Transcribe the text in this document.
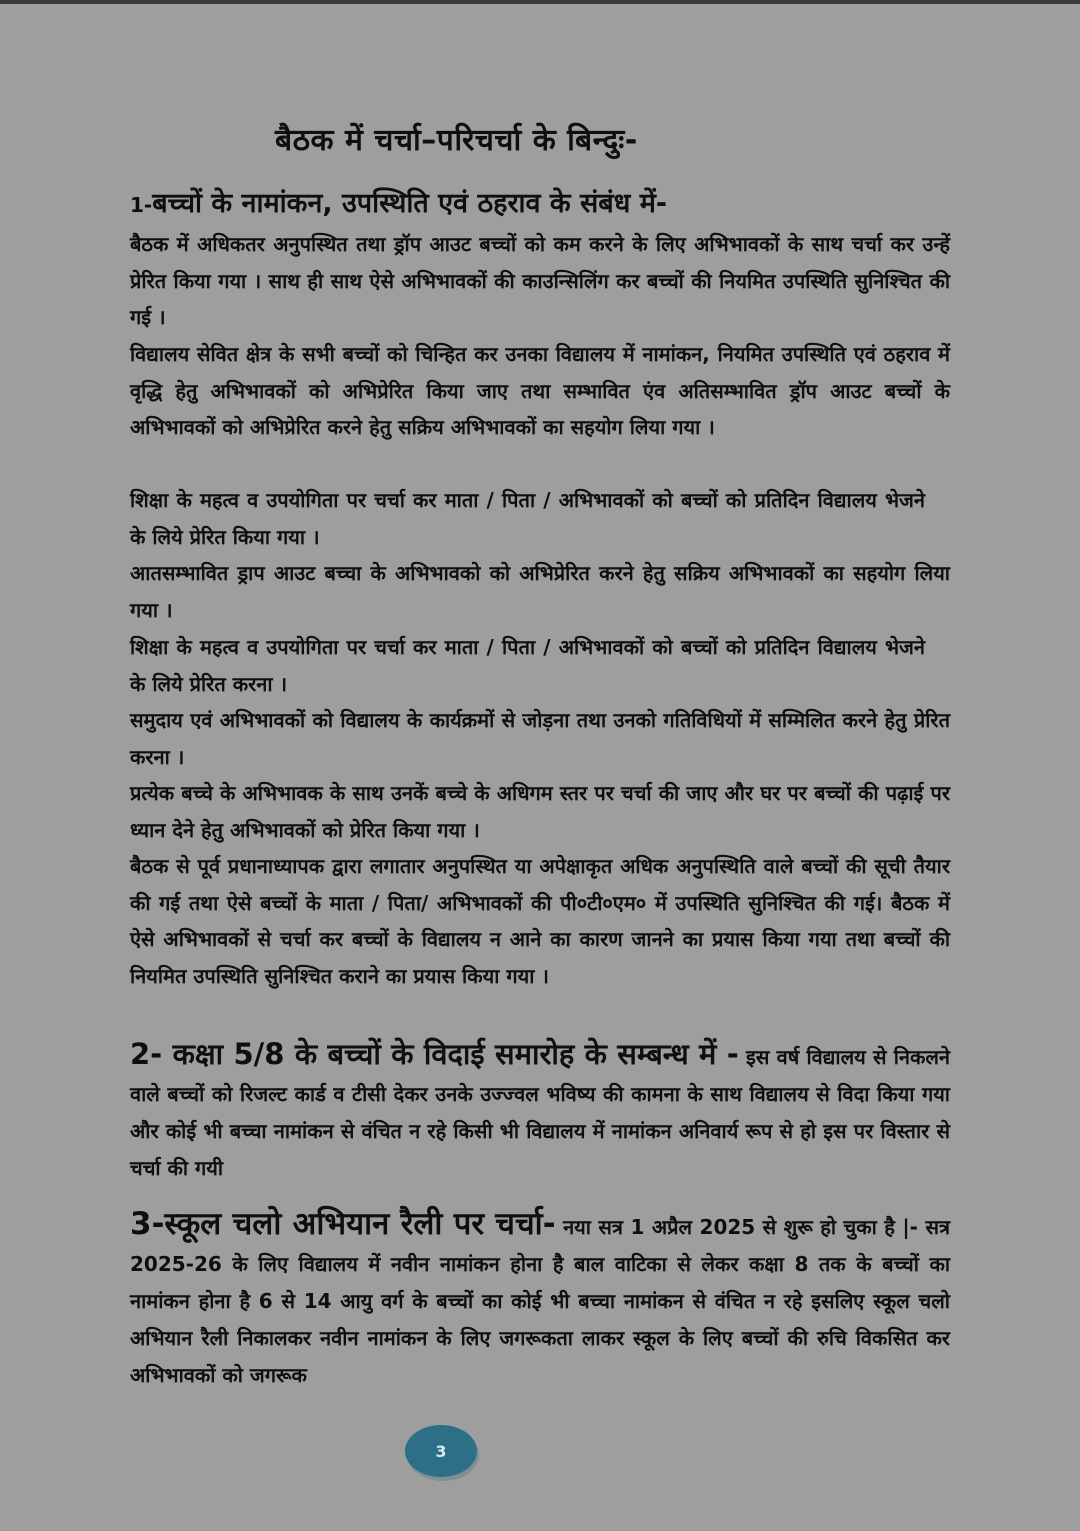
बैठक में चर्चा–परिचर्चा के बिन्दुः-
1-बच्चों के नामांकन, उपस्थिति एवं ठहराव के संबंध में-

बैठक में अधिकतर अनुपस्थित तथा ड्रॉप आउट बच्चों को कम करने के लिए अभिभावकों के साथ चर्चा कर उन्हें प्रेरित किया गया । साथ ही साथ ऐसे अभिभावकों की काउन्सिलिंग कर बच्चों की नियमित उपस्थिति सुनिश्चित की गई ।

विद्यालय सेवित क्षेत्र के सभी बच्चों को चिन्हित कर उनका विद्यालय में नामांकन, नियमित उपस्थिति एवं ठहराव में वृद्धि हेतु अभिभावकों को अभिप्रेरित किया जाए तथा सम्भावित एंव अतिसम्भावित ड्रॉप आउट बच्चों के अभिभावकों को अभिप्रेरित करने हेतु सक्रिय अभिभावकों का सहयोग लिया गया ।

शिक्षा के महत्व व उपयोगिता पर चर्चा कर माता / पिता / अभिभावकों को बच्चों को प्रतिदिन विद्यालय भेजने के लिये प्रेरित किया गया ।

आतसम्भावित ड्राप आउट बच्चा के अभिभावको को अभिप्रेरित करने हेतु सक्रिय अभिभावकों का सहयोग लिया गया ।

शिक्षा के महत्व व उपयोगिता पर चर्चा कर माता / पिता / अभिभावकों को बच्चों को प्रतिदिन विद्यालय भेजने के लिये प्रेरित करना ।

समुदाय एवं अभिभावकों को विद्यालय के कार्यक्रमों से जोड़ना तथा उनको गतिविधियों में सम्मिलित करने हेतु प्रेरित करना ।

प्रत्येक बच्चे के अभिभावक के साथ उनकें बच्चे के अधिगम स्तर पर चर्चा की जाए और घर पर बच्चों की पढ़ाई पर ध्यान देने हेतु अभिभावकों को प्रेरित किया गया ।

बैठक से पूर्व प्रधानाध्यापक द्वारा लगातार अनुपस्थित या अपेक्षाकृत अधिक अनुपस्थिति वाले बच्चों की सूची तैयार की गई तथा ऐसे बच्चों के माता / पिता/ अभिभावकों की पी०टी०एम० में उपस्थिति सुनिश्चित की गई। बैठक में ऐसे अभिभावकों से चर्चा कर बच्चों के विद्यालय न आने का कारण जानने का प्रयास किया गया तथा बच्चों की नियमित उपस्थिति सुनिश्चित कराने का प्रयास किया गया ।

2- कक्षा 5/8 के बच्चों के विदाई समारोह के सम्बन्ध में - इस वर्ष विद्यालय से निकलने वाले बच्चों को रिजल्ट कार्ड व टीसी देकर उनके उज्ज्वल भविष्य की कामना के साथ विद्यालय से विदा किया गया और कोई भी बच्चा नामांकन से वंचित न रहे किसी भी विद्यालय में नामांकन अनिवार्य रूप से हो इस पर विस्तार से चर्चा की गयी

3-स्कूल चलो अभियान रैली पर चर्चा- नया सत्र 1 अप्रैल 2025 से शुरू हो चुका है |- सत्र 2025-26 के लिए विद्यालय में नवीन नामांकन होना है बाल वाटिका से लेकर कक्षा 8 तक के बच्चों का नामांकन होना है 6 से 14 आयु वर्ग के बच्चों का कोई भी बच्चा नामांकन से वंचित न रहे इसलिए स्कूल चलो अभियान रैली निकालकर नवीन नामांकन के लिए जगरूकता लाकर स्कूल के लिए बच्चों की रुचि विकसित कर अभिभावकों को जगरूक

3
